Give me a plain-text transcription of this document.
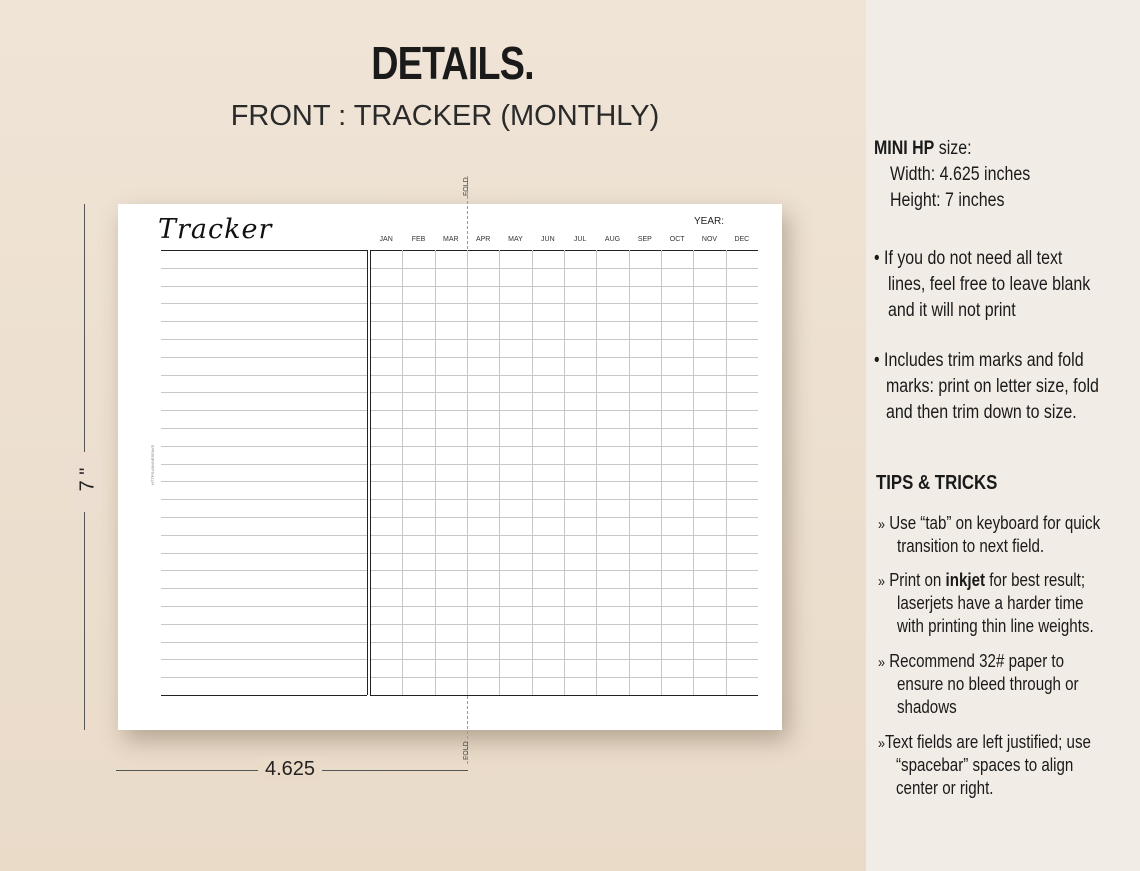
DETAILS.
FRONT : TRACKER (MONTHLY)
FOLD
FOLD
Tracker	YEAR:
HTTPS://ANNESFAVS
JAN	FEB	MAR	APR	MAY	JUN	JUL	AUG	SEP	OCT	NOV	DEC
7 "
4.625
MINI HP size:
Width: 4.625 inches
Height: 7 inches
• If you do not need all text
lines, feel free to leave blank
and it will not print
• Includes trim marks and fold
marks: print on letter size, fold
and then trim down to size.
TIPS & TRICKS
» Use “tab” on keyboard for quick
transition to next field.
» Print on inkjet for best result;
laserjets have a harder time
with printing thin line weights.
» Recommend 32# paper to
ensure no bleed through or
shadows
»Text fields are left justified; use
“spacebar” spaces to align
center or right.
